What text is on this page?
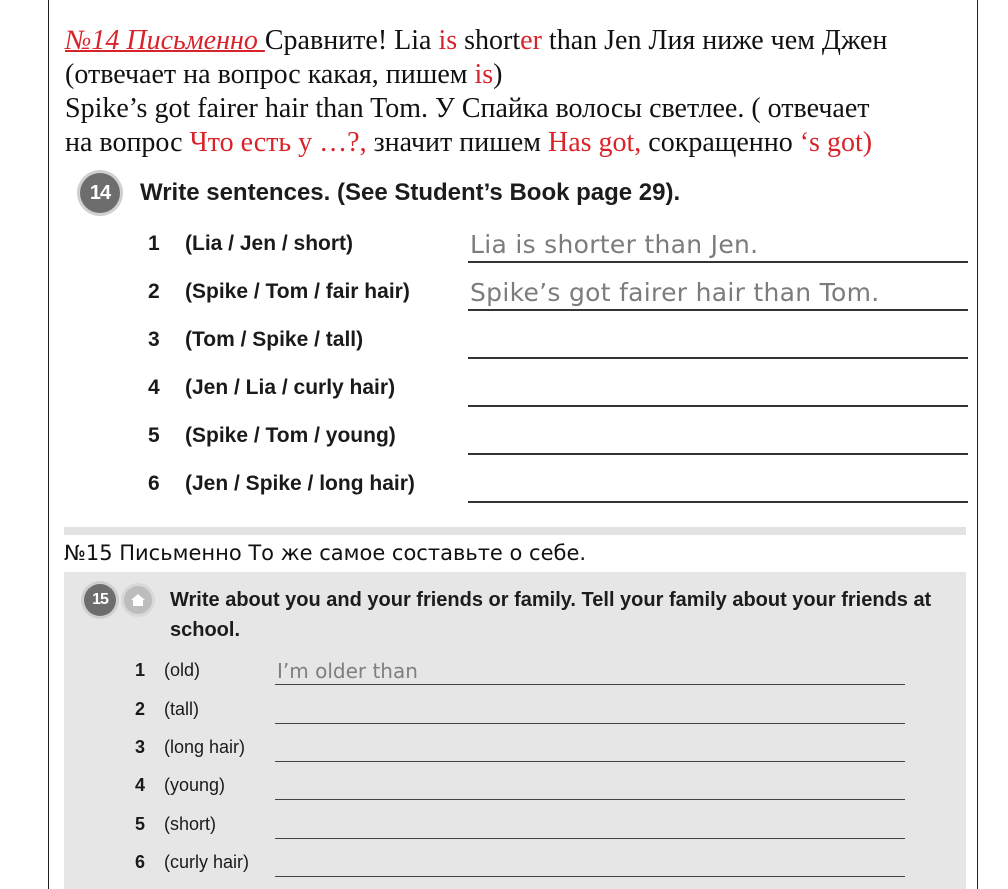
№14 Письменно Сравните! Lia is shorter than Jen Лия ниже чем Джен
(отвечает на вопрос какая, пишем is)
Spike’s got fairer hair than Tom. У Спайка волосы светлее. ( отвечает
на вопрос Что есть у …?, значит пишем Has got, сокращенно ‘s got)
14	Write sentences. (See Student’s Book page 29).
1 (Lia / Jen / short)	Lia is shorter than Jen.
2 (Spike / Tom / fair hair) Spike’s got fairer hair than Tom.
3 (Tom / Spike / tall)
4 (Jen / Lia / curly hair)
5 (Spike / Tom / young)
6 (Jen / Spike / long hair)
№15 Письменно То же самое составьте о себе.
15	Write about you and your friends or family. Tell your family about your friends at school.
1 (old)	I’m older than
2 (tall)
3 (long hair)
4 (young)
5 (short)
6 (curly hair)
